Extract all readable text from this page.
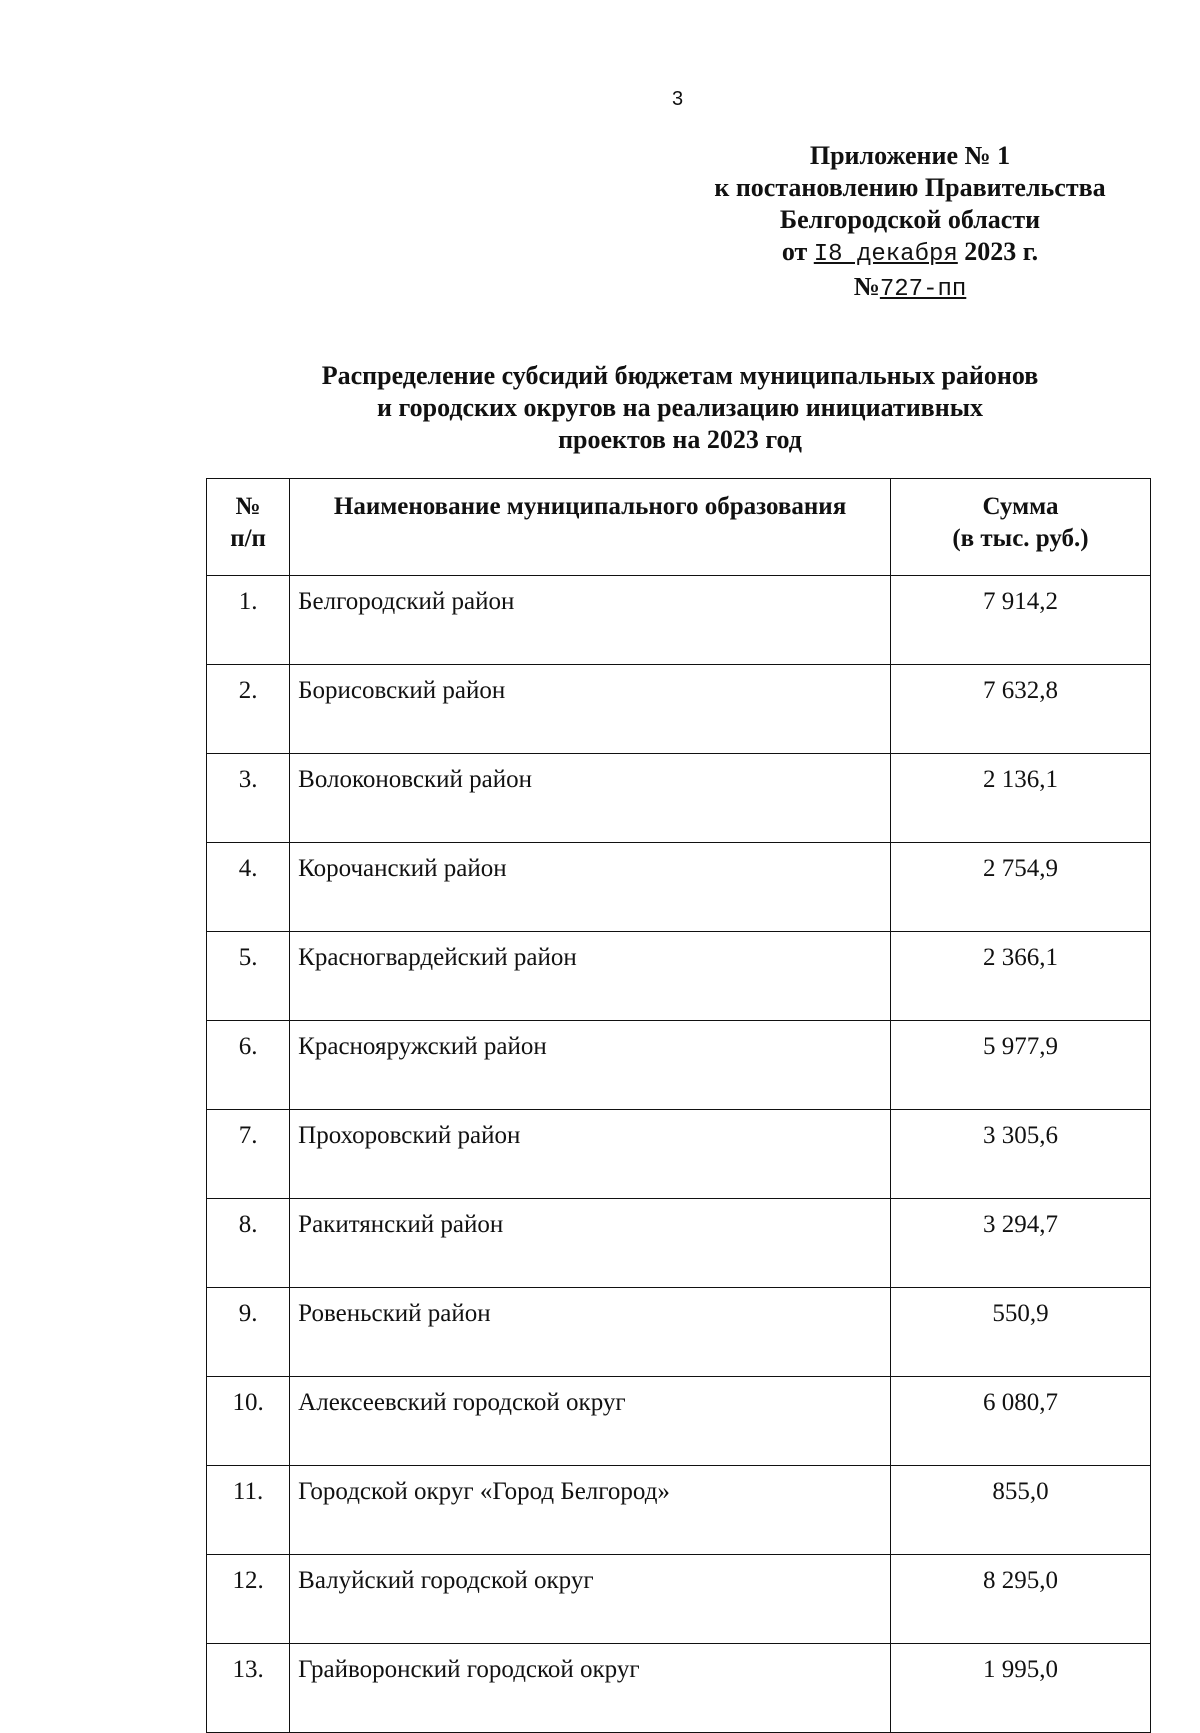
3
Приложение № 1
к постановлению Правительства
Белгородской области
от I8 декабря 2023 г.
№727-пп
Распределение субсидий бюджетам муниципальных районов
и городских округов на реализацию инициативных
проектов на 2023 год
№
п/п	Наименование муниципального образования	Сумма
(в тыс. руб.)

1.	Белгородский район	7 914,2
2.	Борисовский район	7 632,8
3.	Волоконовский район	2 136,1
4.	Корочанский район	2 754,9
5.	Красногвардейский район	2 366,1
6.	Краснояружский район	5 977,9
7.	Прохоровский район	3 305,6
8.	Ракитянский район	3 294,7
9.	Ровеньский район	550,9
10.	Алексеевский городской округ	6 080,7
11.	Городской округ «Город Белгород»	855,0
12.	Валуйский городской округ	8 295,0
13.	Грайворонский городской округ	1 995,0
